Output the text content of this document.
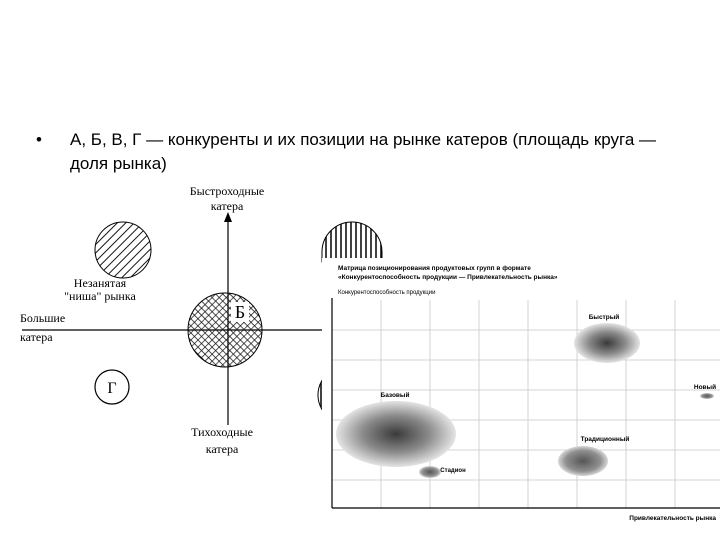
• А, Б, В, Г — конкуренты и их позиции на рынке катеров (площадь круга — доля рынка)
Быстроходные
катера
Тихоходные
катера
Большие
катера
Незанятая
"ниша" рынка
Б
Г
Матрица позиционирования продуктовых групп в формате
«Конкурентоспособность продукции — Привлекательность рынка»
Конкурентоспособность продукции
Быстрый
Базовый
Новый
Традиционный
Стадион
Привлекательность рынка
